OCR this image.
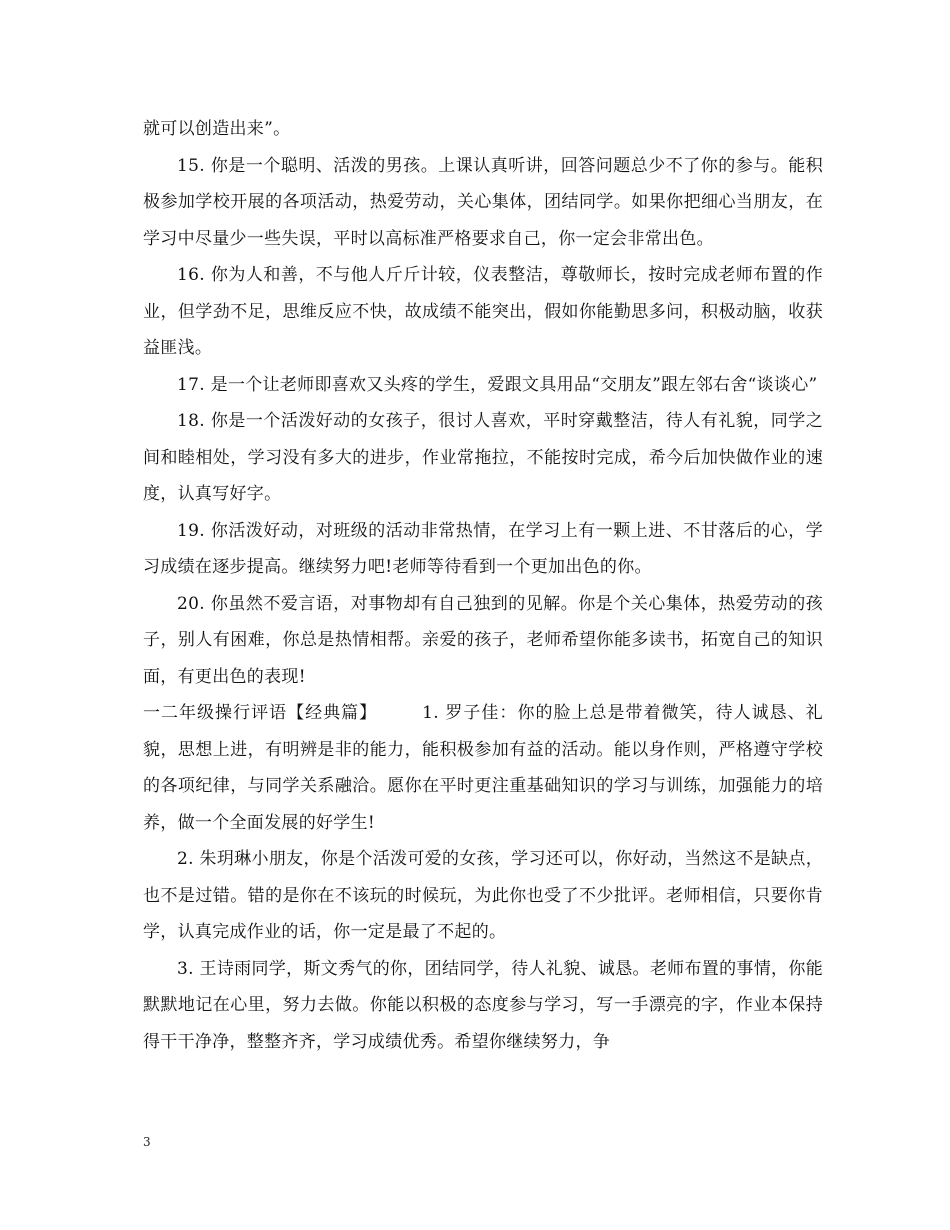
就可以创造出来”。

15. 你是一个聪明、活泼的男孩。上课认真听讲，回答问题总少不了你的参与。能积极参加学校开展的各项活动，热爱劳动，关心集体，团结同学。如果你把细心当朋友，在学习中尽量少一些失误，平时以高标准严格要求自己，你一定会非常出色。

16. 你为人和善，不与他人斤斤计较，仪表整洁，尊敬师长，按时完成老师布置的作业，但学劲不足，思维反应不快，故成绩不能突出，假如你能勤思多问，积极动脑，收获益匪浅。

17. 是一个让老师即喜欢又头疼的学生，爱跟文具用品“交朋友”跟左邻右舍“谈谈心”

18. 你是一个活泼好动的女孩子，很讨人喜欢，平时穿戴整洁，待人有礼貌，同学之间和睦相处，学习没有多大的进步，作业常拖拉，不能按时完成，希今后加快做作业的速度，认真写好字。

19. 你活泼好动，对班级的活动非常热情，在学习上有一颗上进、不甘落后的心，学习成绩在逐步提高。继续努力吧!老师等待看到一个更加出色的你。

20. 你虽然不爱言语，对事物却有自己独到的见解。你是个关心集体，热爱劳动的孩子，别人有困难，你总是热情相帮。亲爱的孩子，老师希望你能多读书，拓宽自己的知识面，有更出色的表现!

一二年级操行评语【经典篇】	1. 罗子佳：你的脸上总是带着微笑，待人诚恳、礼貌，思想上进，有明辨是非的能力，能积极参加有益的活动。能以身作则，严格遵守学校的各项纪律，与同学关系融洽。愿你在平时更注重基础知识的学习与训练，加强能力的培养，做一个全面发展的好学生!

2. 朱玥琳小朋友，你是个活泼可爱的女孩，学习还可以，你好动，当然这不是缺点，也不是过错。错的是你在不该玩的时候玩，为此你也受了不少批评。老师相信，只要你肯学，认真完成作业的话，你一定是最了不起的。

3. 王诗雨同学，斯文秀气的你，团结同学，待人礼貌、诚恳。老师布置的事情，你能默默地记在心里，努力去做。你能以积极的态度参与学习，写一手漂亮的字，作业本保持得干干净净，整整齐齐，学习成绩优秀。希望你继续努力，争

3
